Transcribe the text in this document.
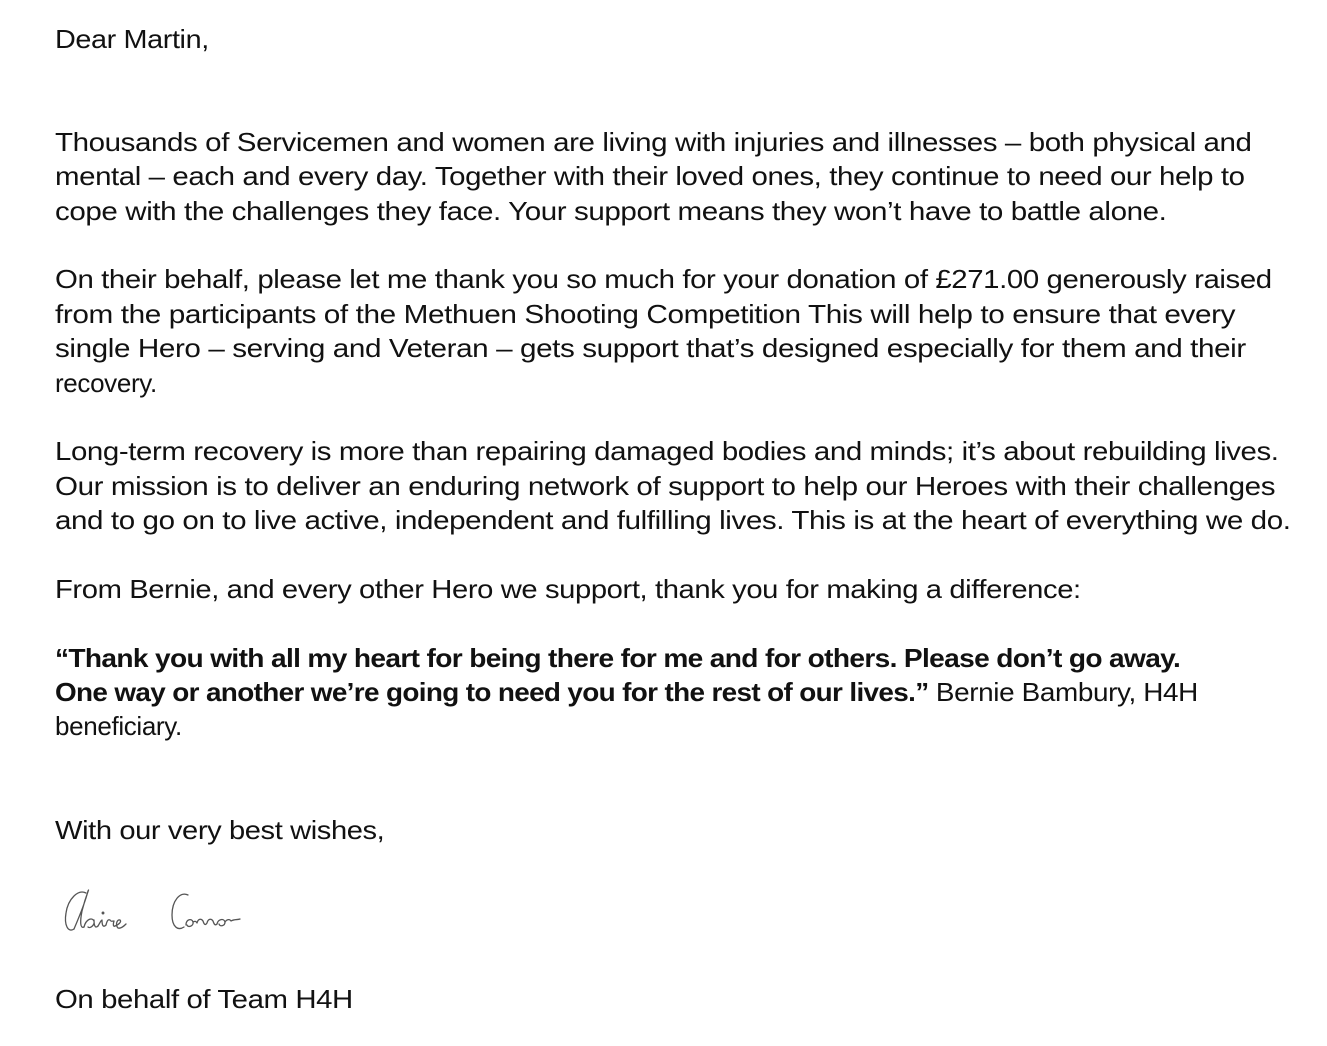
Dear Martin,
Thousands of Servicemen and women are living with injuries and illnesses – both physical and
mental – each and every day. Together with their loved ones, they continue to need our help to
cope with the challenges they face. Your support means they won’t have to battle alone.
On their behalf, please let me thank you so much for your donation of £271.00 generously raised
from the participants of the Methuen Shooting Competition This will help to ensure that every
single Hero – serving and Veteran – gets support that’s designed especially for them and their
recovery.
Long-term recovery is more than repairing damaged bodies and minds; it’s about rebuilding lives.
Our mission is to deliver an enduring network of support to help our Heroes with their challenges
and to go on to live active, independent and fulfilling lives. This is at the heart of everything we do.
From Bernie, and every other Hero we support, thank you for making a difference:
“Thank you with all my heart for being there for me and for others. Please don’t go away.
One way or another we’re going to need you for the rest of our lives.” Bernie Bambury, H4H
beneficiary.
With our very best wishes,
On behalf of Team H4H
